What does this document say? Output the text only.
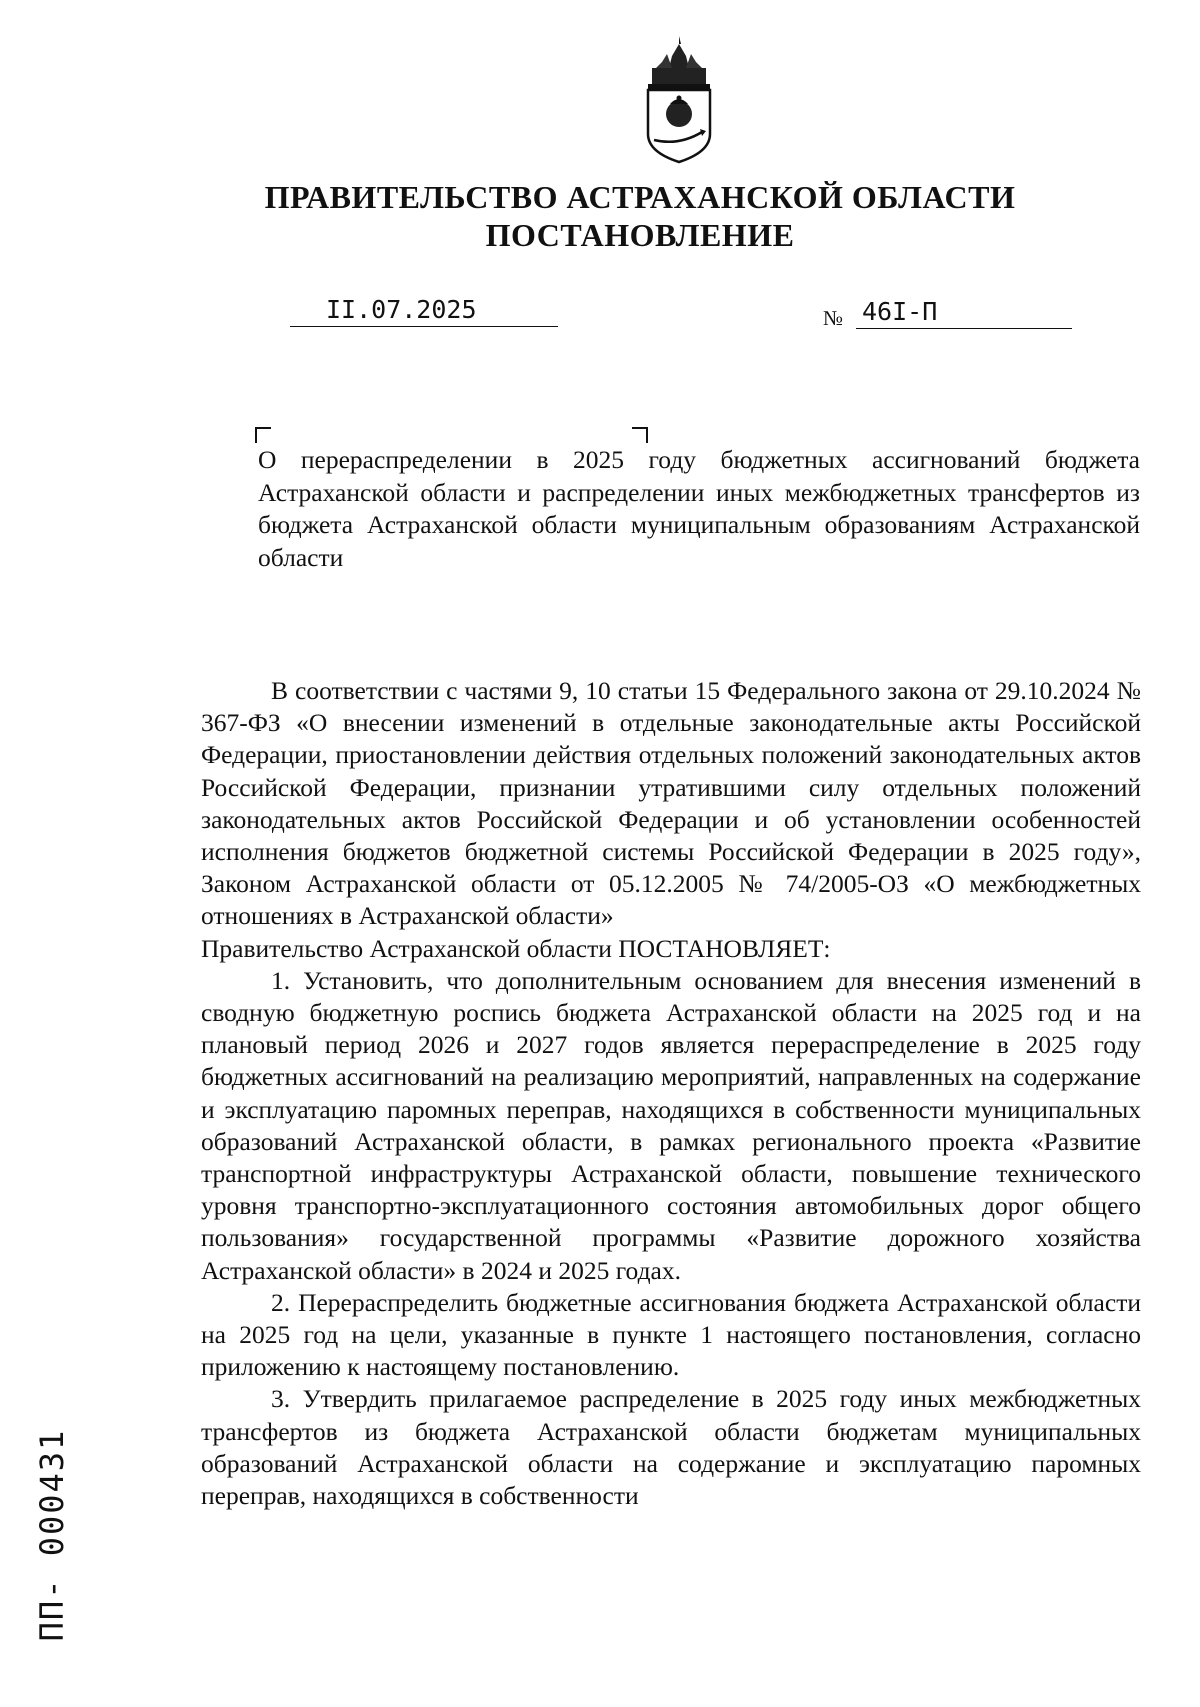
ПРАВИТЕЛЬСТВО АСТРАХАНСКОЙ ОБЛАСТИ
ПОСТАНОВЛЕНИЕ
II.07.2025	№ 46I-П
О перераспределении в 2025 году бюджетных ассигнований бюджета Астраханской области и распределении иных межбюджетных трансфертов из бюджета Астраханской области муниципальным образованиям Астраханской области

В соответствии с частями 9, 10 статьи 15 Федерального закона от 29.10.2024 № 367-ФЗ «О внесении изменений в отдельные законодательные акты Российской Федерации, приостановлении действия отдельных положений законодательных актов Российской Федерации, признании утратившими силу отдельных положений законодательных актов Российской Федерации и об установлении особенностей исполнения бюджетов бюджетной системы Российской Федерации в 2025 году», Законом Астраханской области от 05.12.2005 № 74/2005-ОЗ «О межбюджетных отношениях в Астраханской области»

Правительство Астраханской области ПОСТАНОВЛЯЕТ:

1. Установить, что дополнительным основанием для внесения изменений в сводную бюджетную роспись бюджета Астраханской области на 2025 год и на плановый период 2026 и 2027 годов является перераспределение в 2025 году бюджетных ассигнований на реализацию мероприятий, направленных на содержание и эксплуатацию паромных переправ, находящихся в собственности муниципальных образований Астраханской области, в рамках регионального проекта «Развитие транспортной инфраструктуры Астраханской области, повышение технического уровня транспортно-эксплуатационного состояния автомобильных дорог общего пользования» государственной программы «Развитие дорожного хозяйства Астраханской области» в 2024 и 2025 годах.

2. Перераспределить бюджетные ассигнования бюджета Астраханской области на 2025 год на цели, указанные в пункте 1 настоящего постановления, согласно приложению к настоящему постановлению.

3. Утвердить прилагаемое распределение в 2025 году иных межбюджетных трансфертов из бюджета Астраханской области бюджетам муниципальных образований Астраханской области на содержание и эксплуатацию паромных переправ, находящихся в собственности

ПП- 000431
